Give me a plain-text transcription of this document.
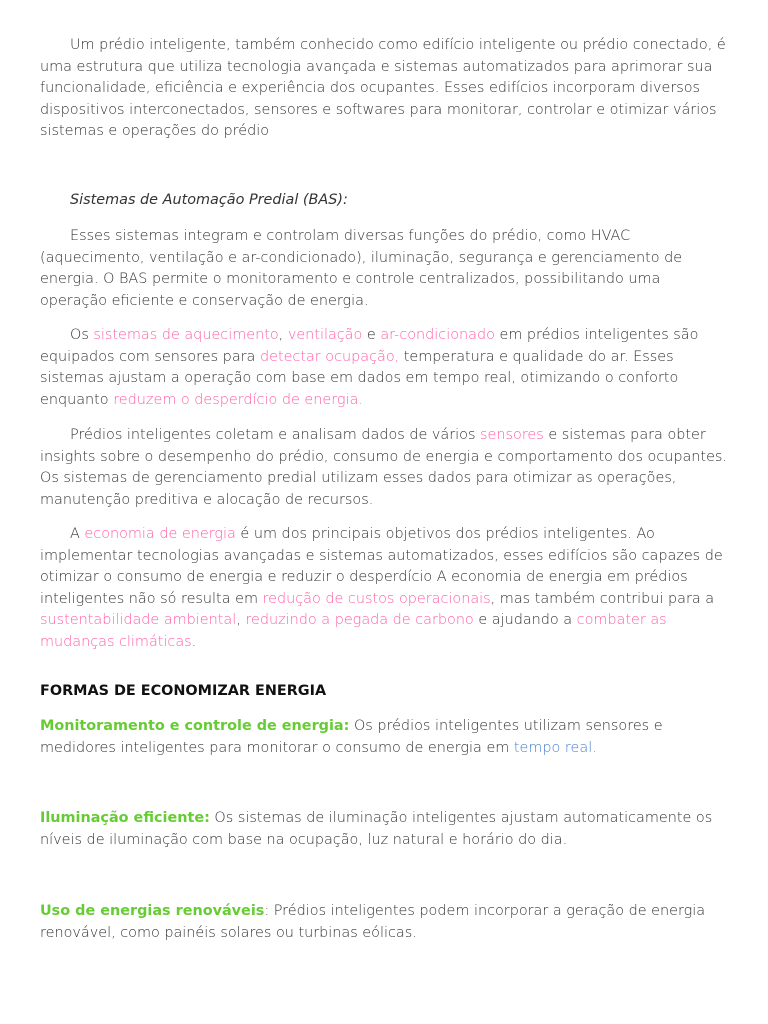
Um prédio inteligente, também conhecido como edifício inteligente ou prédio conectado, é uma estrutura que utiliza tecnologia avançada e sistemas automatizados para aprimorar sua funcionalidade, eficiência e experiência dos ocupantes. Esses edifícios incorporam diversos dispositivos interconectados, sensores e softwares para monitorar, controlar e otimizar vários sistemas e operações do prédio

Sistemas de Automação Predial (BAS):

Esses sistemas integram e controlam diversas funções do prédio, como HVAC (aquecimento, ventilação e ar-condicionado), iluminação, segurança e gerenciamento de energia. O BAS permite o monitoramento e controle centralizados, possibilitando uma operação eficiente e conservação de energia.

Os sistemas de aquecimento, ventilação e ar-condicionado em prédios inteligentes são equipados com sensores para detectar ocupação, temperatura e qualidade do ar. Esses sistemas ajustam a operação com base em dados em tempo real, otimizando o conforto enquanto reduzem o desperdício de energia.

Prédios inteligentes coletam e analisam dados de vários sensores e sistemas para obter insights sobre o desempenho do prédio, consumo de energia e comportamento dos ocupantes. Os sistemas de gerenciamento predial utilizam esses dados para otimizar as operações, manutenção preditiva e alocação de recursos.

A economia de energia é um dos principais objetivos dos prédios inteligentes. Ao implementar tecnologias avançadas e sistemas automatizados, esses edifícios são capazes de otimizar o consumo de energia e reduzir o desperdício A economia de energia em prédios inteligentes não só resulta em redução de custos operacionais, mas também contribui para a sustentabilidade ambiental, reduzindo a pegada de carbono e ajudando a combater as mudanças climáticas.

FORMAS DE ECONOMIZAR ENERGIA

Monitoramento e controle de energia: Os prédios inteligentes utilizam sensores e medidores inteligentes para monitorar o consumo de energia em tempo real.

Iluminação eficiente: Os sistemas de iluminação inteligentes ajustam automaticamente os níveis de iluminação com base na ocupação, luz natural e horário do dia.

Uso de energias renováveis: Prédios inteligentes podem incorporar a geração de energia renovável, como painéis solares ou turbinas eólicas.
